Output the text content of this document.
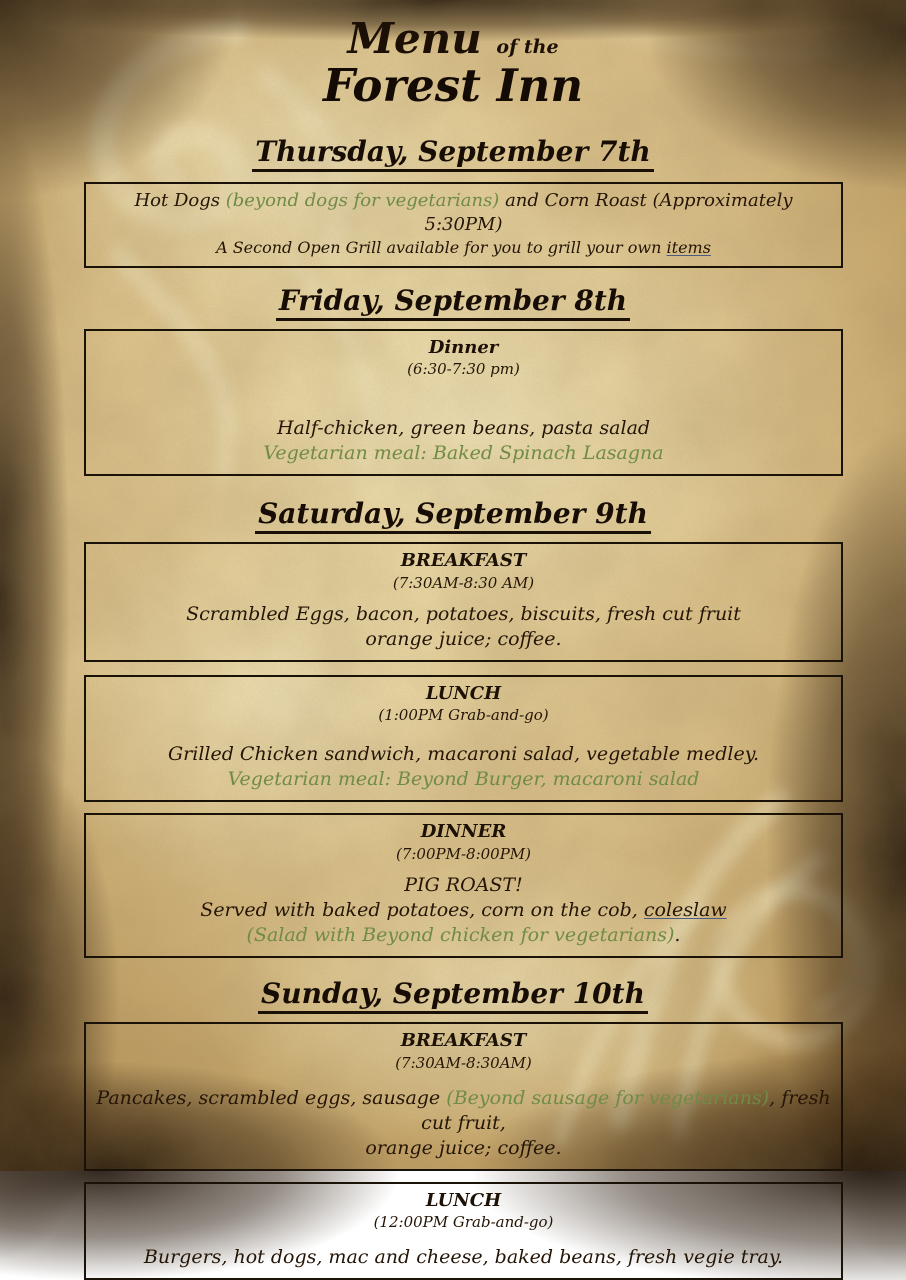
Menu of the
Forest Inn
Thursday, September 7th
Hot Dogs (beyond dogs for vegetarians) and Corn Roast (Approximately 5:30PM)
A Second Open Grill available for you to grill your own items
Friday, September 8th
Dinner
(6:30-7:30 pm)
Half-chicken, green beans, pasta salad
Vegetarian meal: Baked Spinach Lasagna
Saturday, September 9th
BREAKFAST
(7:30AM-8:30 AM)
Scrambled Eggs, bacon, potatoes, biscuits, fresh cut fruit
orange juice; coffee.
LUNCH
(1:00PM Grab-and-go)
Grilled Chicken sandwich, macaroni salad, vegetable medley.
Vegetarian meal: Beyond Burger, macaroni salad
DINNER
(7:00PM-8:00PM)
PIG ROAST!
Served with baked potatoes, corn on the cob, coleslaw
(Salad with Beyond chicken for vegetarians).
Sunday, September 10th
BREAKFAST
(7:30AM-8:30AM)
Pancakes, scrambled eggs, sausage (Beyond sausage for vegetarians), fresh cut fruit,
orange juice; coffee.
LUNCH
(12:00PM Grab-and-go)
Burgers, hot dogs, mac and cheese, baked beans, fresh vegie tray.
